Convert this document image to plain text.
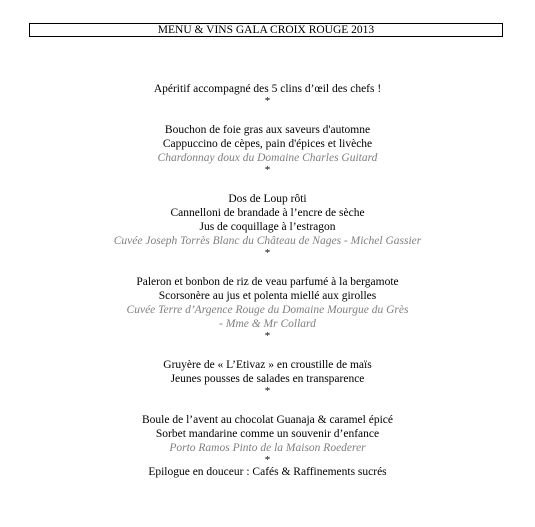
MENU & VINS GALA CROIX ROUGE 2013
Apéritif accompagné des 5 clins d’œil des chefs !
*
Bouchon de foie gras aux saveurs d'automne
Cappuccino de cèpes, pain d'épices et livèche
Chardonnay doux du Domaine Charles Guitard
*
Dos de Loup rôti
Cannelloni de brandade à l’encre de sèche
Jus de coquillage à l’estragon
Cuvée Joseph Torrès Blanc du Château de Nages - Michel Gassier
*
Paleron et bonbon de riz de veau parfumé à la bergamote
Scorsonère au jus et polenta miellé aux girolles
Cuvée Terre d’Argence Rouge du Domaine Mourgue du Grès
- Mme & Mr Collard
*
Gruyère de « L’Etivaz » en croustille de maïs
Jeunes pousses de salades en transparence
*
Boule de l’avent au chocolat Guanaja & caramel épicé
Sorbet mandarine comme un souvenir d’enfance
Porto Ramos Pinto de la Maison Roederer
*
Epilogue en douceur : Cafés & Raffinements sucrés
